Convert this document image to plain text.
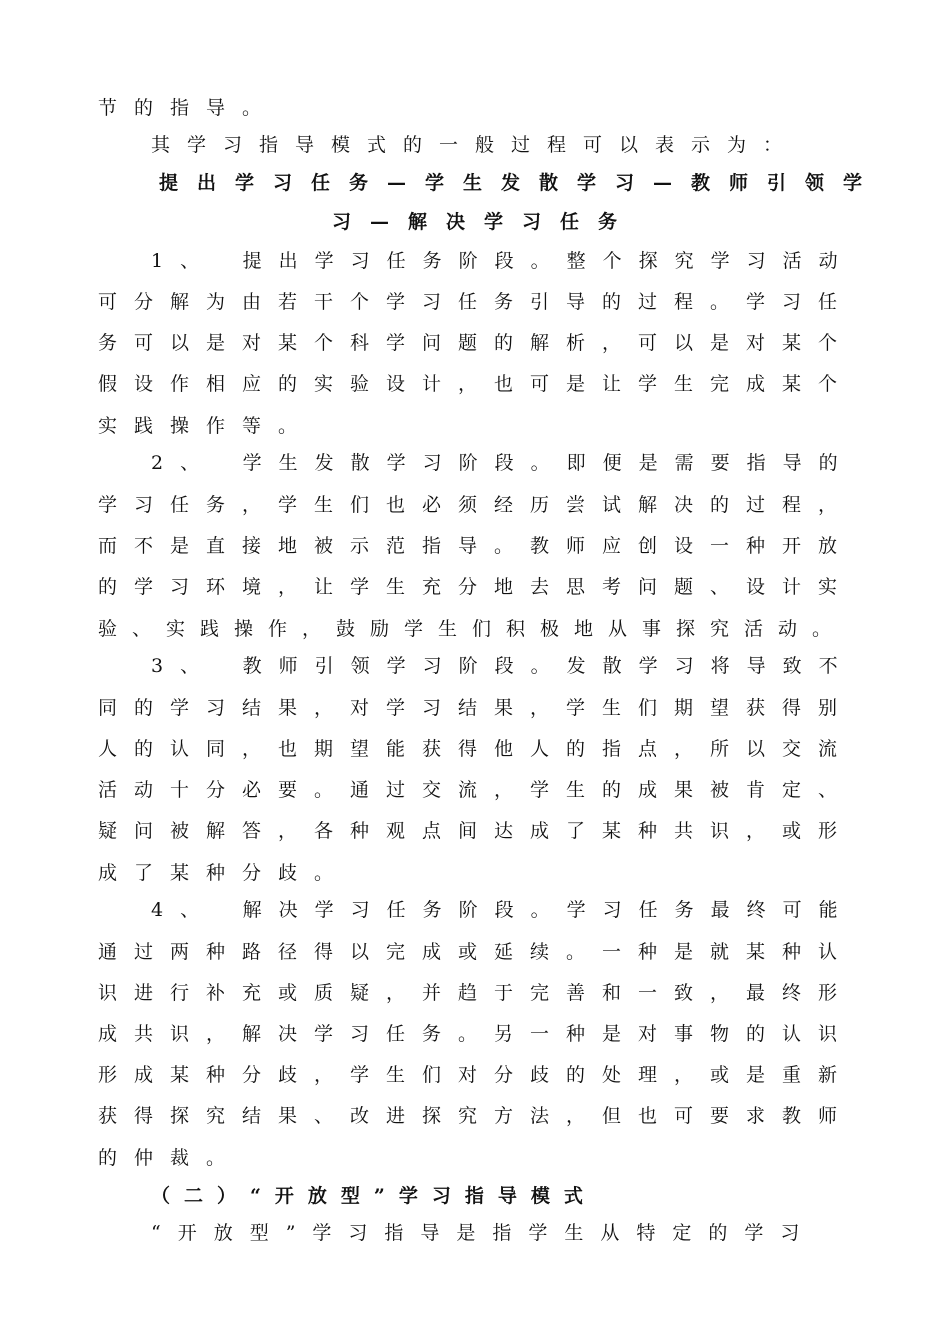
节的指导。
其学习指导模式的一般过程可以表示为：
提出学习任务—学生发散学习—教师引领学
习—解决学习任务
1、　提出学习任务阶段。整个探究学习活动
可分解为由若干个学习任务引导的过程。学习任
务可以是对某个科学问题的解析，可以是对某个
假设作相应的实验设计，也可是让学生完成某个
实践操作等。
2、　学生发散学习阶段。即便是需要指导的
学习任务，学生们也必须经历尝试解决的过程，
而不是直接地被示范指导。教师应创设一种开放
的学习环境，让学生充分地去思考问题、设计实
验、实践操作，鼓励学生们积极地从事探究活动。
3、　教师引领学习阶段。发散学习将导致不
同的学习结果，对学习结果，学生们期望获得别
人的认同，也期望能获得他人的指点，所以交流
活动十分必要。通过交流，学生的成果被肯定、
疑问被解答，各种观点间达成了某种共识，或形
成了某种分歧。
4、　解决学习任务阶段。学习任务最终可能
通过两种路径得以完成或延续。一种是就某种认
识进行补充或质疑，并趋于完善和一致，最终形
成共识，解决学习任务。另一种是对事物的认识
形成某种分歧，学生们对分歧的处理，或是重新
获得探究结果、改进探究方法，但也可要求教师
的仲裁。
（二）“开放型”学习指导模式
“开放型”学习指导是指学生从特定的学习
